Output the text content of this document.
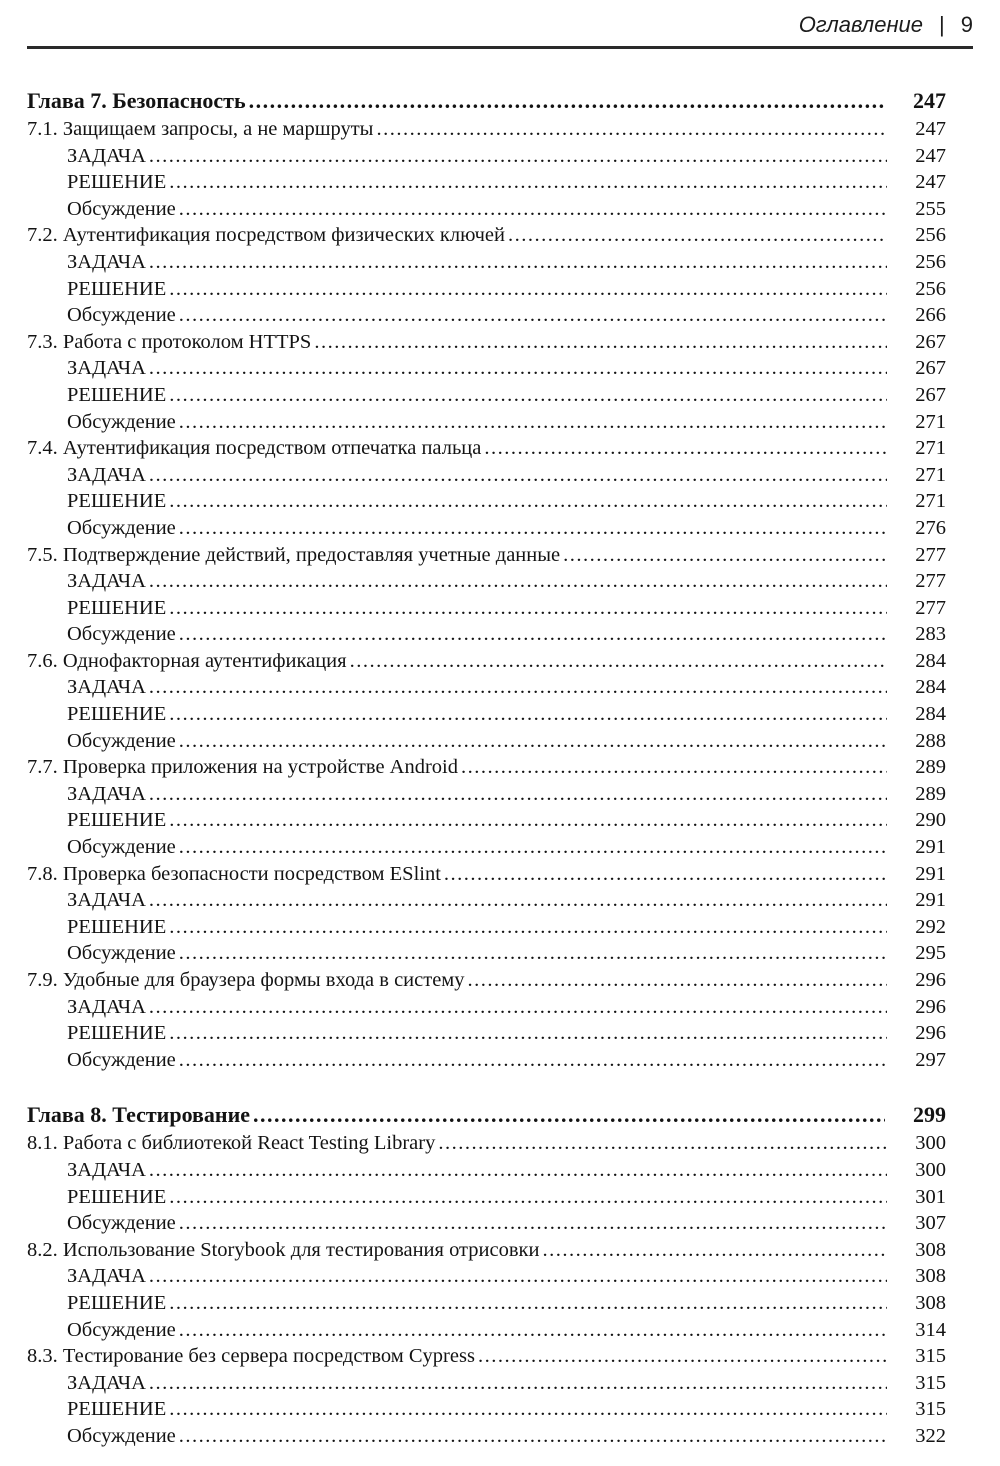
Оглавление | 9
Глава 7. Безопасность .....	247
7.1. Защищаем запросы, а не маршруты .....	247
ЗАДАЧА .....	247
РЕШЕНИЕ .....	247
Обсуждение .....	255
7.2. Аутентификация посредством физических ключей .....	256
ЗАДАЧА .....	256
РЕШЕНИЕ .....	256
Обсуждение .....	266
7.3. Работа с протоколом HTTPS .....	267
ЗАДАЧА .....	267
РЕШЕНИЕ .....	267
Обсуждение .....	271
7.4. Аутентификация посредством отпечатка пальца .....	271
ЗАДАЧА .....	271
РЕШЕНИЕ .....	271
Обсуждение .....	276
7.5. Подтверждение действий, предоставляя учетные данные .....	277
ЗАДАЧА .....	277
РЕШЕНИЕ .....	277
Обсуждение .....	283
7.6. Однофакторная аутентификация .....	284
ЗАДАЧА .....	284
РЕШЕНИЕ .....	284
Обсуждение .....	288
7.7. Проверка приложения на устройстве Android .....	289
ЗАДАЧА .....	289
РЕШЕНИЕ .....	290
Обсуждение .....	291
7.8. Проверка безопасности посредством ESlint .....	291
ЗАДАЧА .....	291
РЕШЕНИЕ .....	292
Обсуждение .....	295
7.9. Удобные для браузера формы входа в систему .....	296
ЗАДАЧА .....	296
РЕШЕНИЕ .....	296
Обсуждение .....	297
Глава 8. Тестирование .....	299
8.1. Работа с библиотекой React Testing Library .....	300
ЗАДАЧА .....	300
РЕШЕНИЕ .....	301
Обсуждение .....	307
8.2. Использование Storybook для тестирования отрисовки .....	308
ЗАДАЧА .....	308
РЕШЕНИЕ .....	308
Обсуждение .....	314
8.3. Тестирование без сервера посредством Cypress .....	315
ЗАДАЧА .....	315
РЕШЕНИЕ .....	315
Обсуждение .....	322
